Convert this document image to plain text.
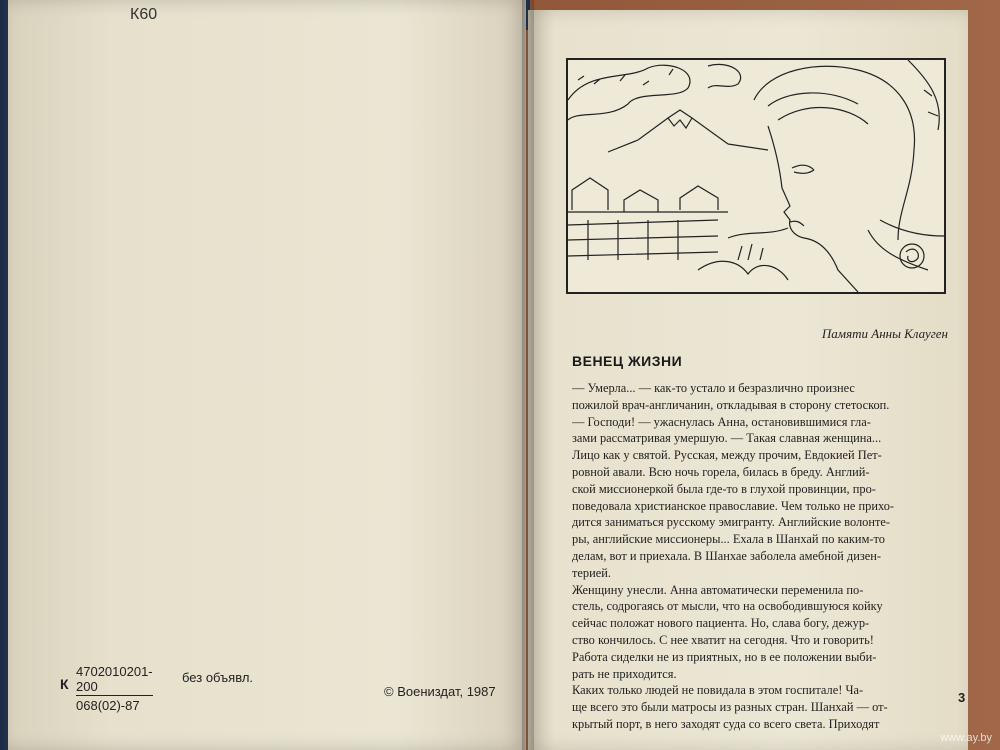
К60
К $\frac{4702010201-200}{068(02)-87}$ без объявл.
© Воениздат, 1987
Памяти Анны Клауген
ВЕНЕЦ ЖИЗНИ
— Умерла... — как-то устало и безразлично произнес
пожилой врач-англичанин, откладывая в сторону стетоскоп.
— Господи! — ужаснулась Анна, остановившимися гла-
зами рассматривая умершую. — Такая славная женщина...
Лицо как у святой. Русская, между прочим, Евдокией Пет-
ровной авали. Всю ночь горела, билась в бреду. Англий-
ской миссионеркой была где-то в глухой провинции, про-
поведовала христианское православие. Чем только не прихо-
дится заниматься русскому эмигранту. Английские волонте-
ры, английские миссионеры... Ехала в Шанхай по каким-то
делам, вот и приехала. В Шанхае заболела амебной дизен-
терией.
Женщину унесли. Анна автоматически переменила по-
стель, содрогаясь от мысли, что на освободившуюся койку
сейчас положат нового пациента. Но, слава богу, дежур-
ство кончилось. С нее хватит на сегодня. Что и говорить!
Работа сиделки не из приятных, но в ее положении выби-
рать не приходится.
Каких только людей не повидала в этом госпитале! Ча-
ще всего это были матросы из разных стран. Шанхай — от-
крытый порт, в него заходят суда со всего света. Приходят
3
www.ay.by
